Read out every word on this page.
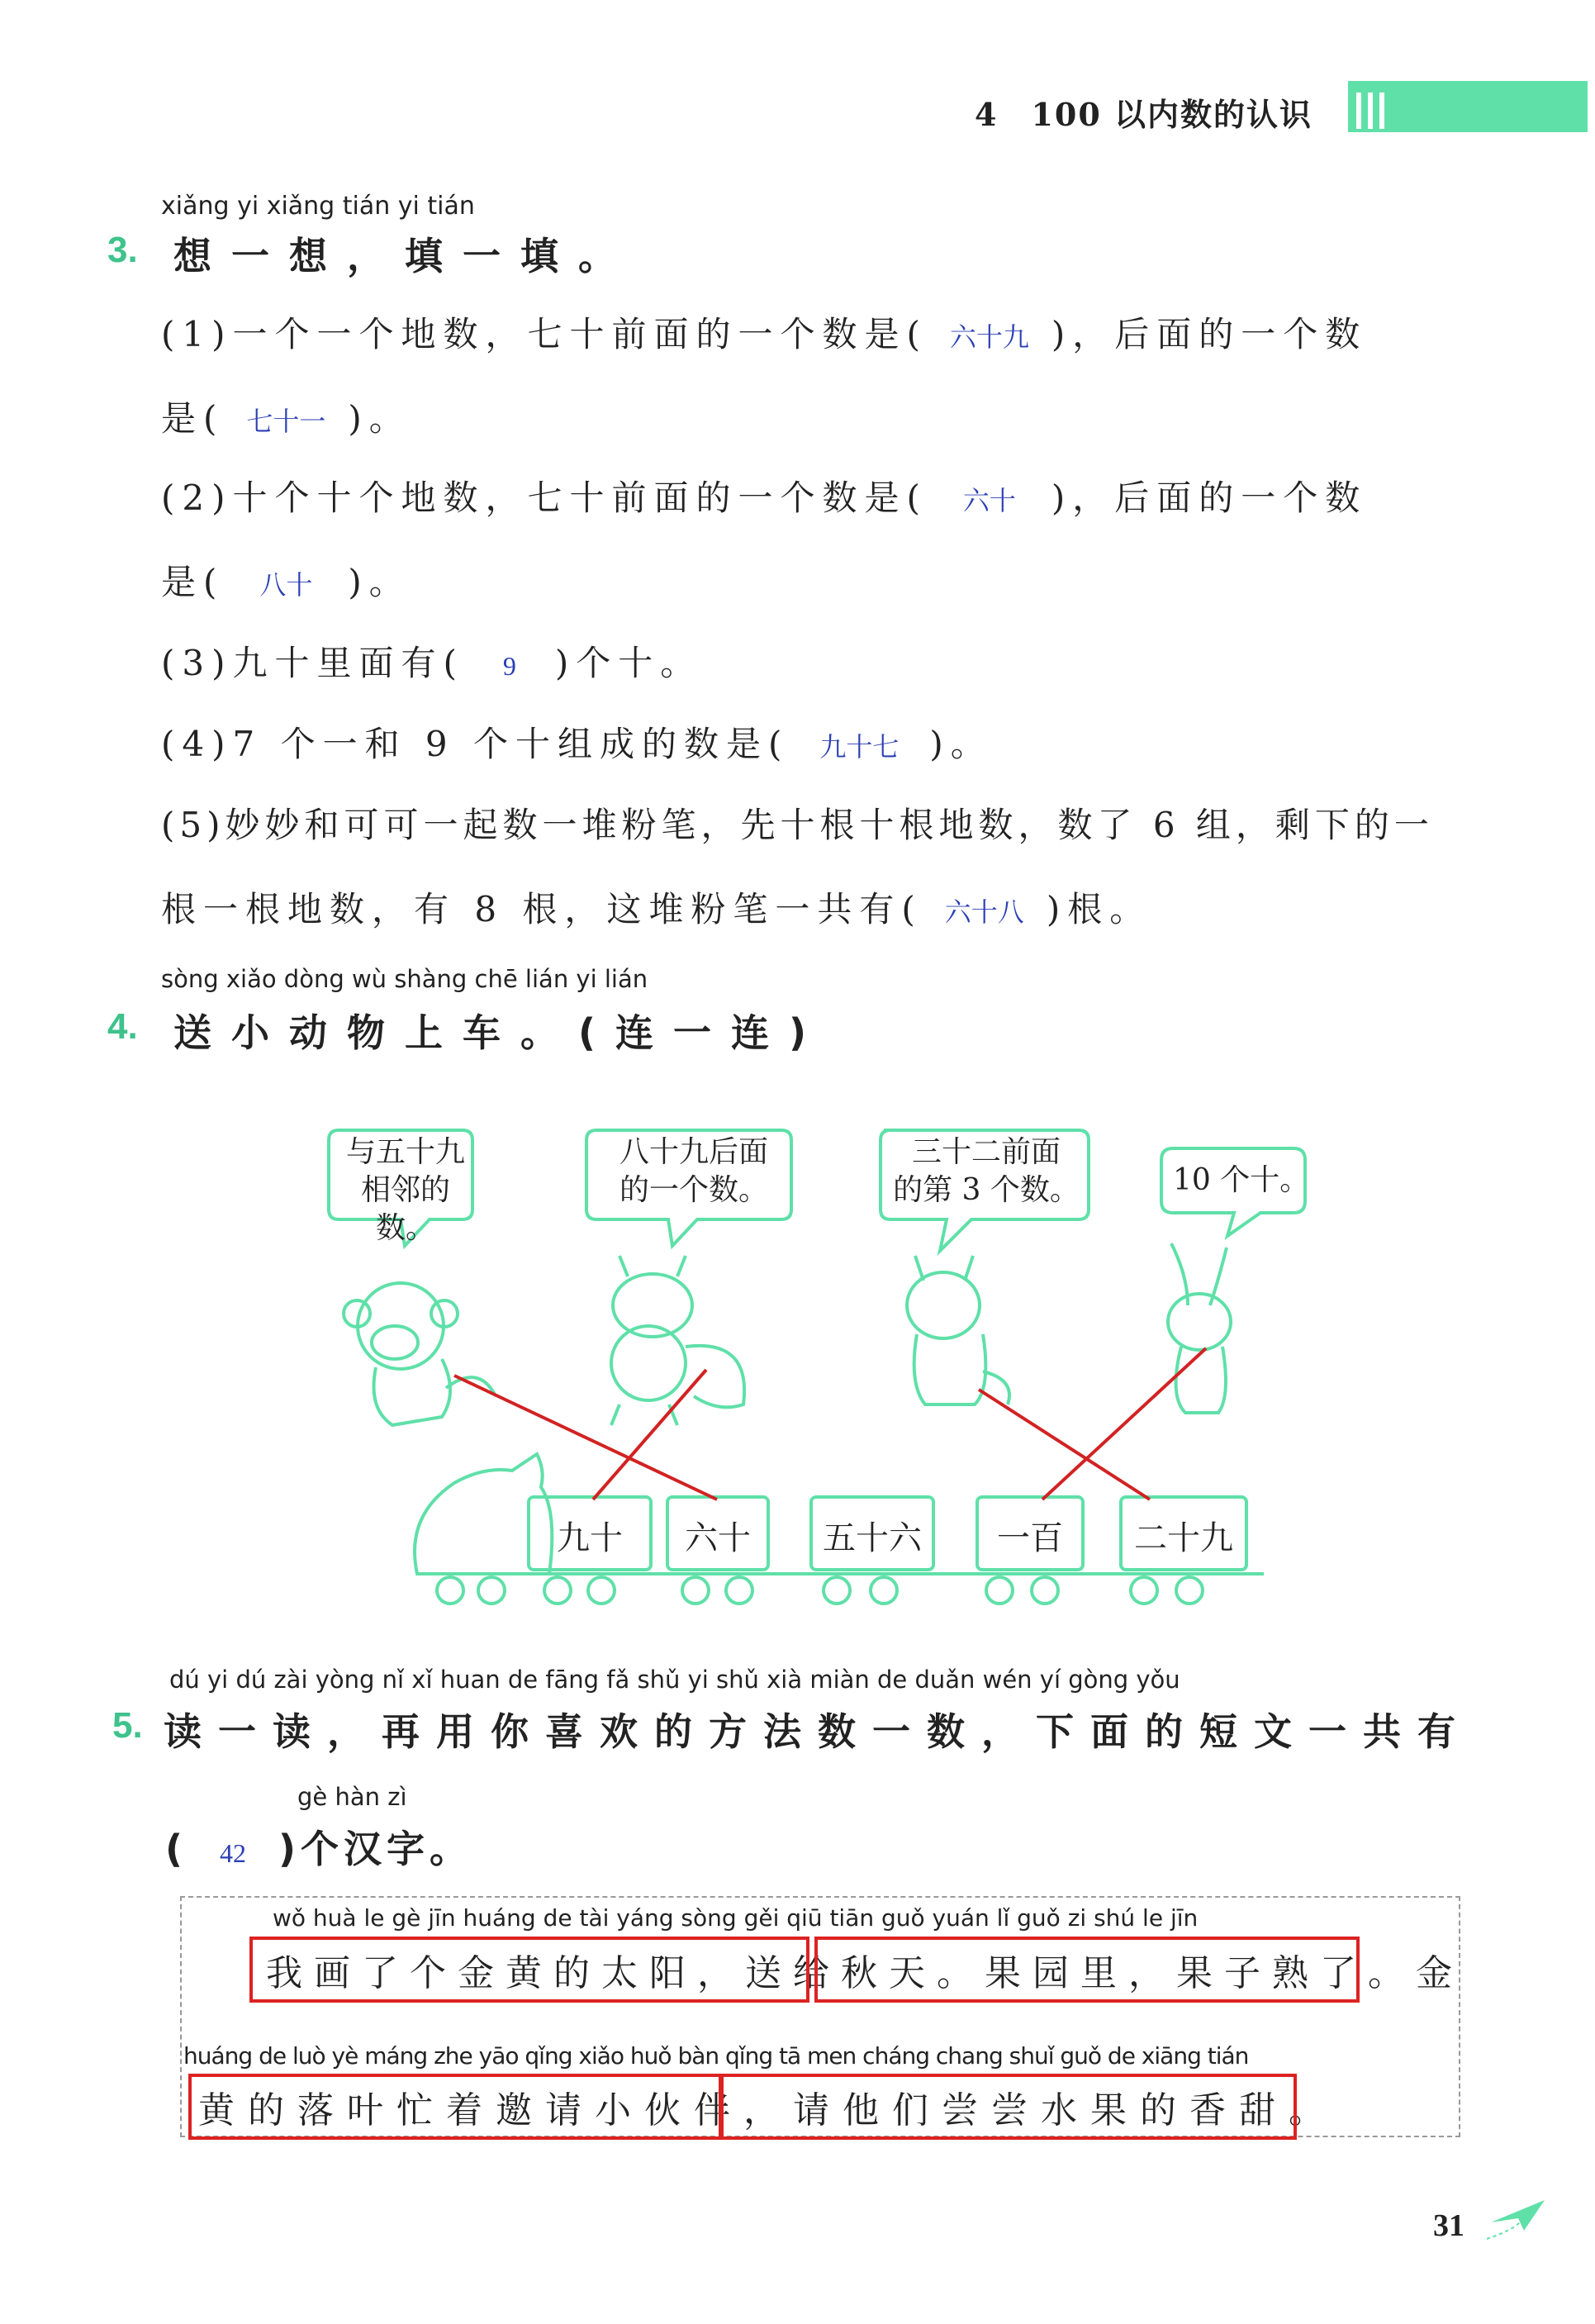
4　100 以内数的认识
xiǎng yi xiǎng tián yi tián
3. 想一想，填一填。
(1)一个一个地数，七十前面的一个数是( 六十九 )，后面的一个数
是( 七十一 )。
(2)十个十个地数，七十前面的一个数是( 六十 )，后面的一个数
是( 八十 )。
(3)九十里面有( 9 )个十。
(4)7 个一和 9 个十组成的数是( 九十七 )。
(5)妙妙和可可一起数一堆粉笔，先十根十根地数，数了 6 组，剩下的一
根一根地数，有 8 根，这堆粉笔一共有( 六十八 )根。
sòng xiǎo dòng wù shàng chē lián yi lián
4. 送小动物上车。(连一连)
与五十九
相邻的数。
八十九后面
的一个数。
三十二前面
的第 3 个数。	10 个十。
九十	六十	五十六	一百	二十九
dú yi dú zài yòng nǐ xǐ huan de fāng fǎ shǔ yi shǔ xià miàn de duǎn wén yí gòng yǒu
5. 读一读，再用你喜欢的方法数一数，下面的短文一共有
gè hàn zì
( 42 )个汉字。
wǒ huà le gè jīn huáng de tài yáng sòng gěi qiū tiān guǒ yuán lǐ guǒ zi shú le jīn
我画了个金黄的太阳，送给秋天。果园里，果子熟了。金
huáng de luò yè máng zhe yāo qǐng xiǎo huǒ bàn qǐng tā men cháng chang shuǐ guǒ de xiāng tián
黄的落叶忙着邀请小伙伴，请他们尝尝水果的香甜。
31
